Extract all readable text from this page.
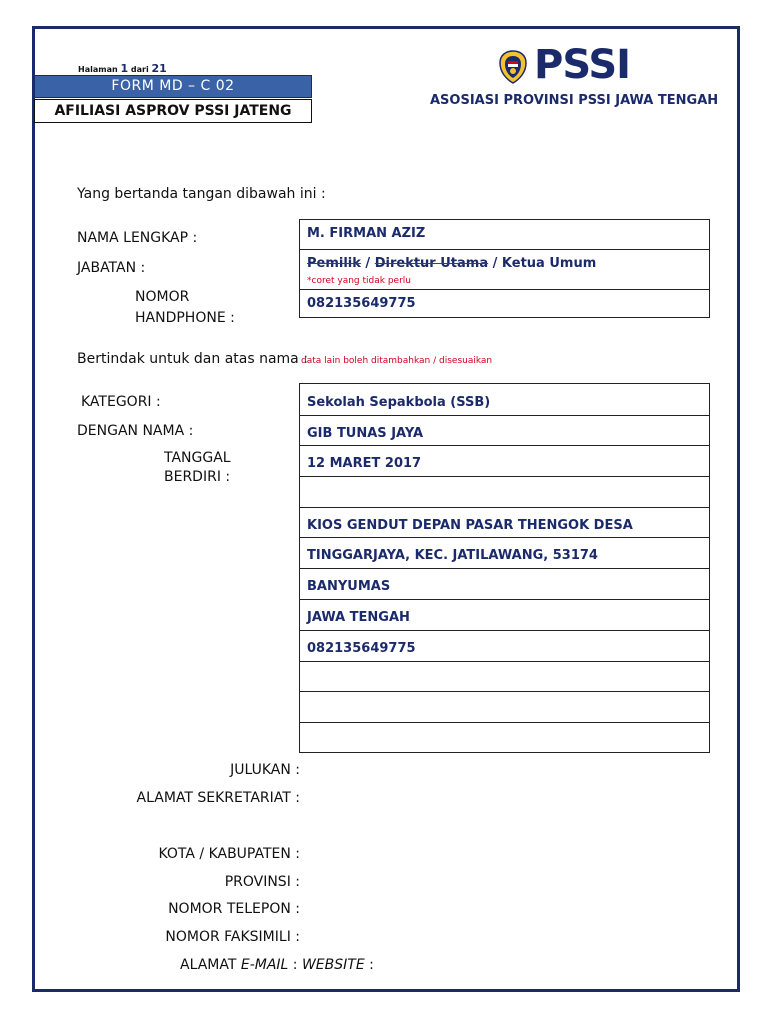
Halaman 1 dari 21
FORM MD – C 02
AFILIASI ASPROV PSSI JATENG
PSSI
ASOSIASI PROVINSI PSSI JAWA TENGAH
Yang bertanda tangan dibawah ini :
NAMA LENGKAP :
JABATAN :
NOMOR
HANDPHONE :
M. FIRMAN AZIZ
Pemilik / Direktur Utama / Ketua Umum
*coret yang tidak perlu
082135649775
Bertindak untuk dan atas nama :
data lain boleh ditambahkan / disesuaikan
KATEGORI :
DENGAN NAMA :
TANGGAL
BERDIRI :
Sekolah Sepakbola (SSB)
GIB TUNAS JAYA
12 MARET 2017
KIOS GENDUT DEPAN PASAR THENGOK DESA
TINGGARJAYA, KEC. JATILAWANG, 53174
BANYUMAS
JAWA TENGAH
082135649775
JULUKAN :
ALAMAT SEKRETARIAT :
KOTA / KABUPATEN :
PROVINSI :
NOMOR TELEPON :
NOMOR FAKSIMILI :
ALAMAT E-MAIL : WEBSITE :
